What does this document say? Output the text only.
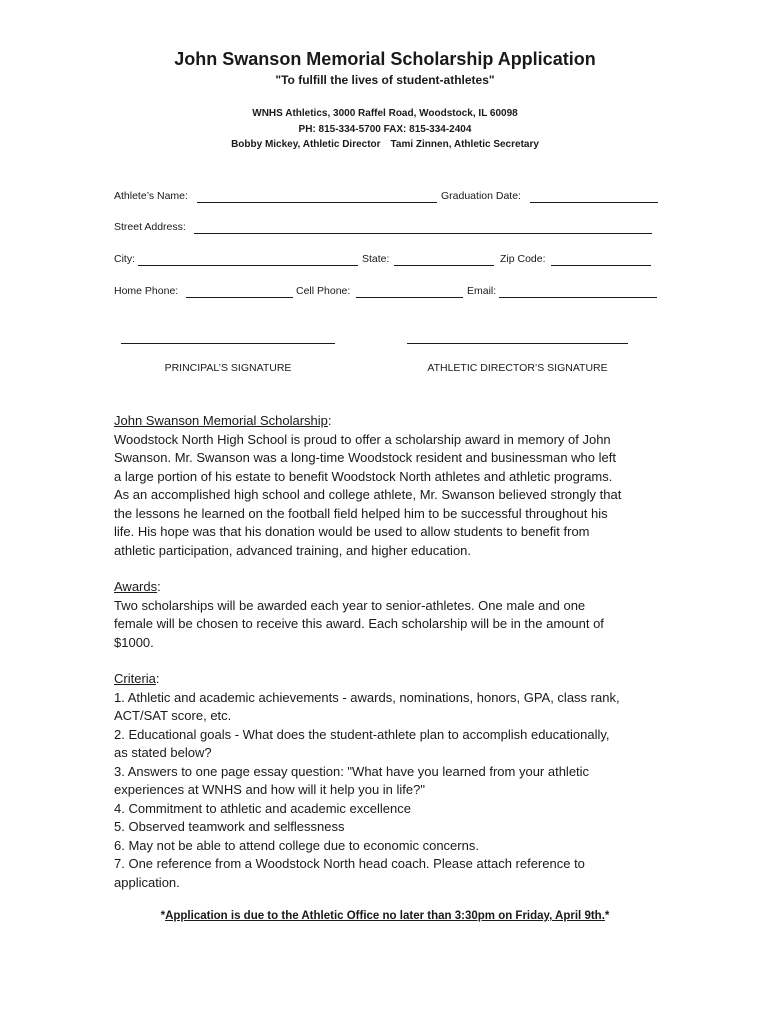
John Swanson Memorial Scholarship Application
"To fulfill the lives of student-athletes"
WNHS Athletics, 3000 Raffel Road, Woodstock, IL 60098
PH: 815-334-5700 FAX: 815-334-2404
Bobby Mickey, Athletic Director Tami Zinnen, Athletic Secretary
Athlete’s Name:	Graduation Date:
Street Address:
City:	State:	Zip Code:
Home Phone:	Cell Phone:	Email:
PRINCIPAL’S SIGNATURE	ATHLETIC DIRECTOR’S SIGNATURE
John Swanson Memorial Scholarship:
Woodstock North High School is proud to offer a scholarship award in memory of John
Swanson. Mr. Swanson was a long-time Woodstock resident and businessman who left
a large portion of his estate to benefit Woodstock North athletes and athletic programs.
As an accomplished high school and college athlete, Mr. Swanson believed strongly that
the lessons he learned on the football field helped him to be successful throughout his
life. His hope was that his donation would be used to allow students to benefit from
athletic participation, advanced training, and higher education.
Awards:
Two scholarships will be awarded each year to senior-athletes. One male and one
female will be chosen to receive this award. Each scholarship will be in the amount of
$1000.
Criteria:
1. Athletic and academic achievements - awards, nominations, honors, GPA, class rank,
ACT/SAT score, etc.
2. Educational goals - What does the student-athlete plan to accomplish educationally,
as stated below?
3. Answers to one page essay question: "What have you learned from your athletic
experiences at WNHS and how will it help you in life?"
4. Commitment to athletic and academic excellence
5. Observed teamwork and selflessness
6. May not be able to attend college due to economic concerns.
7. One reference from a Woodstock North head coach. Please attach reference to
application.
*Application is due to the Athletic Office no later than 3:30pm on Friday, April 9th.*
